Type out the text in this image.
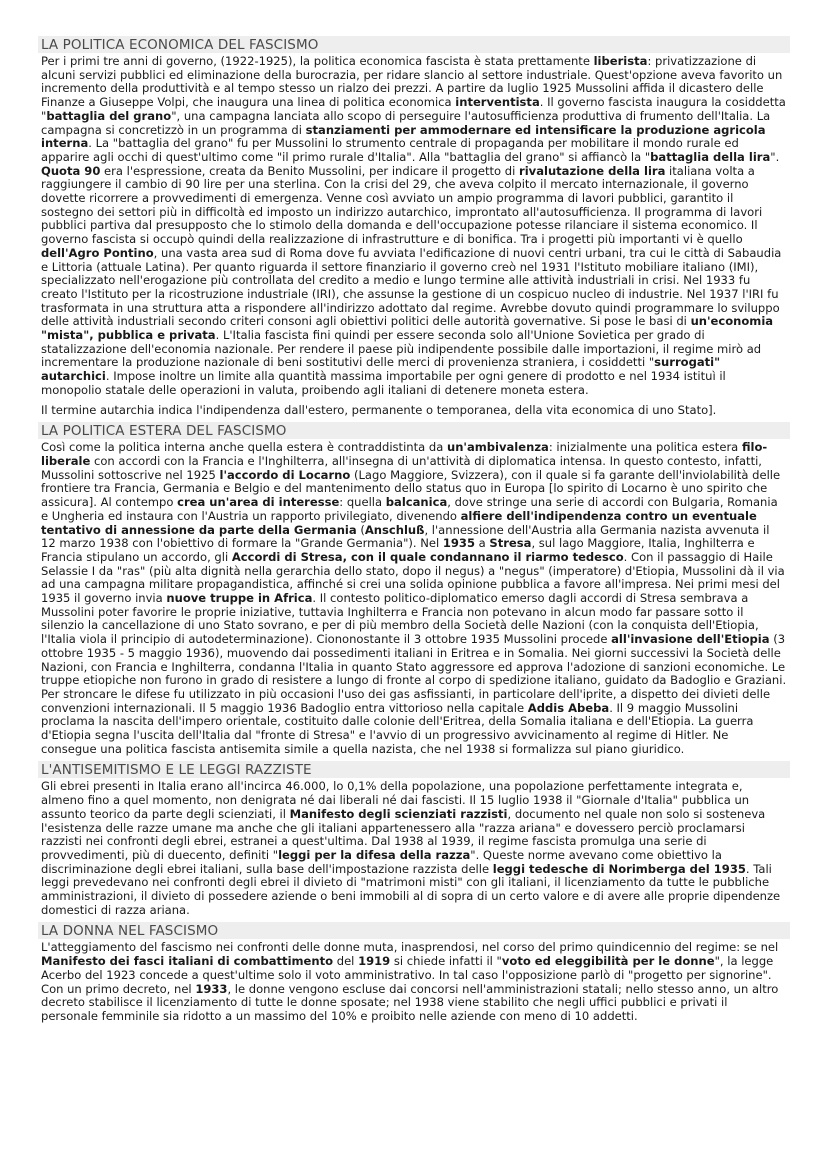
LA POLITICA ECONOMICA DEL FASCISMO

Per i primi tre anni di governo, (1922-1925), la politica economica fascista è stata prettamente liberista: privatizzazione di alcuni servizi pubblici ed eliminazione della burocrazia, per ridare slancio al settore industriale. Quest'opzione aveva favorito un incremento della produttività e al tempo stesso un rialzo dei prezzi. A partire da luglio 1925 Mussolini affida il dicastero delle Finanze a Giuseppe Volpi, che inaugura una linea di politica economica interventista. Il governo fascista inaugura la cosiddetta "battaglia del grano", una campagna lanciata allo scopo di perseguire l'autosufficienza produttiva di frumento dell'Italia. La campagna si concretizzò in un programma di stanziamenti per ammodernare ed intensificare la produzione agricola interna. La "battaglia del grano" fu per Mussolini lo strumento centrale di propaganda per mobilitare il mondo rurale ed apparire agli occhi di quest'ultimo come "il primo rurale d'Italia". Alla "battaglia del grano" si affiancò la "battaglia della lira". Quota 90 era l'espressione, creata da Benito Mussolini, per indicare il progetto di rivalutazione della lira italiana volta a raggiungere il cambio di 90 lire per una sterlina. Con la crisi del 29, che aveva colpito il mercato internazionale, il governo dovette ricorrere a provvedimenti di emergenza. Venne così avviato un ampio programma di lavori pubblici, garantito il sostegno dei settori più in difficoltà ed imposto un indirizzo autarchico, improntato all'autosufficienza. Il programma di lavori pubblici partiva dal presupposto che lo stimolo della domanda e dell'occupazione potesse rilanciare il sistema economico. Il governo fascista si occupò quindi della realizzazione di infrastrutture e di bonifica. Tra i progetti più importanti vi è quello dell'Agro Pontino, una vasta area sud di Roma dove fu avviata l'edificazione di nuovi centri urbani, tra cui le città di Sabaudia e Littoria (attuale Latina). Per quanto riguarda il settore finanziario il governo creò nel 1931 l'Istituto mobiliare italiano (IMI), specializzato nell'erogazione più controllata del credito a medio e lungo termine alle attività industriali in crisi. Nel 1933 fu creato l'Istituto per la ricostruzione industriale (IRI), che assunse la gestione di un cospicuo nucleo di industrie. Nel 1937 l'IRI fu trasformata in una struttura atta a rispondere all'indirizzo adottato dal regime. Avrebbe dovuto quindi programmare lo sviluppo delle attività industriali secondo criteri consoni agli obiettivi politici delle autorità governative. Si pose le basi di un'economia "mista", pubblica e privata. L'Italia fascista fini quindi per essere seconda solo all'Unione Sovietica per grado di statalizzazione dell'economia nazionale. Per rendere il paese più indipendente possibile dalle importazioni, il regime mirò ad incrementare la produzione nazionale di beni sostitutivi delle merci di provenienza straniera, i cosiddetti "surrogati" autarchici. Impose inoltre un limite alla quantità massima importabile per ogni genere di prodotto e nel 1934 istituì il monopolio statale delle operazioni in valuta, proibendo agli italiani di detenere moneta estera.

Il termine autarchia indica l'indipendenza dall'estero, permanente o temporanea, della vita economica di uno Stato].

LA POLITICA ESTERA DEL FASCISMO

Così come la politica interna anche quella estera è contraddistinta da un'ambivalenza: inizialmente una politica estera filo-liberale con accordi con la Francia e l'Inghilterra, all'insegna di un'attività di diplomatica intensa. In questo contesto, infatti, Mussolini sottoscrive nel 1925 l'accordo di Locarno (Lago Maggiore, Svizzera), con il quale si fa garante dell'inviolabilità delle frontiere tra Francia, Germania e Belgio e del mantenimento dello status quo in Europa [lo spirito di Locarno è uno spirito che assicura]. Al contempo crea un'area di interesse: quella balcanica, dove stringe una serie di accordi con Bulgaria, Romania e Ungheria ed instaura con l'Austria un rapporto privilegiato, divenendo alfiere dell'indipendenza contro un eventuale tentativo di annessione da parte della Germania (Anschluß, l'annessione dell'Austria alla Germania nazista avvenuta il 12 marzo 1938 con l'obiettivo di formare la "Grande Germania"). Nel 1935 a Stresa, sul lago Maggiore, Italia, Inghilterra e Francia stipulano un accordo, gli Accordi di Stresa, con il quale condannano il riarmo tedesco. Con il passaggio di Haile Selassie I da "ras" (più alta dignità nella gerarchia dello stato, dopo il negus) a "negus" (imperatore) d'Etiopia, Mussolini dà il via ad una campagna militare propagandistica, affinché si crei una solida opinione pubblica a favore all'impresa. Nei primi mesi del 1935 il governo invia nuove truppe in Africa. Il contesto politico-diplomatico emerso dagli accordi di Stresa sembrava a Mussolini poter favorire le proprie iniziative, tuttavia Inghilterra e Francia non potevano in alcun modo far passare sotto il silenzio la cancellazione di uno Stato sovrano, e per di più membro della Società delle Nazioni (con la conquista dell'Etiopia, l'Italia viola il principio di autodeterminazione). Ciononostante il 3 ottobre 1935 Mussolini procede all'invasione dell'Etiopia (3 ottobre 1935 - 5 maggio 1936), muovendo dai possedimenti italiani in Eritrea e in Somalia. Nei giorni successivi la Società delle Nazioni, con Francia e Inghilterra, condanna l'Italia in quanto Stato aggressore ed approva l'adozione di sanzioni economiche. Le truppe etiopiche non furono in grado di resistere a lungo di fronte al corpo di spedizione italiano, guidato da Badoglio e Graziani. Per stroncare le difese fu utilizzato in più occasioni l'uso dei gas asfissianti, in particolare dell'iprite, a dispetto dei divieti delle convenzioni internazionali. Il 5 maggio 1936 Badoglio entra vittorioso nella capitale Addis Abeba. Il 9 maggio Mussolini proclama la nascita dell'impero orientale, costituito dalle colonie dell'Eritrea, della Somalia italiana e dell'Etiopia. La guerra d'Etiopia segna l'uscita dell'Italia dal "fronte di Stresa" e l'avvio di un progressivo avvicinamento al regime di Hitler. Ne consegue una politica fascista antisemita simile a quella nazista, che nel 1938 si formalizza sul piano giuridico.

L'ANTISEMITISMO E LE LEGGI RAZZISTE

Gli ebrei presenti in Italia erano all'incirca 46.000, lo 0,1% della popolazione, una popolazione perfettamente integrata e, almeno fino a quel momento, non denigrata né dai liberali né dai fascisti. Il 15 luglio 1938 il "Giornale d'Italia" pubblica un assunto teorico da parte degli scienziati, il Manifesto degli scienziati razzisti, documento nel quale non solo si sosteneva l'esistenza delle razze umane ma anche che gli italiani appartenessero alla "razza ariana" e dovessero perciò proclamarsi razzisti nei confronti degli ebrei, estranei a quest'ultima. Dal 1938 al 1939, il regime fascista promulga una serie di provvedimenti, più di duecento, definiti "leggi per la difesa della razza". Queste norme avevano come obiettivo la discriminazione degli ebrei italiani, sulla base dell'impostazione razzista delle leggi tedesche di Norimberga del 1935. Tali leggi prevedevano nei confronti degli ebrei il divieto di "matrimoni misti" con gli italiani, il licenziamento da tutte le pubbliche amministrazioni, il divieto di possedere aziende o beni immobili al di sopra di un certo valore e di avere alle proprie dipendenze domestici di razza ariana.

LA DONNA NEL FASCISMO

L'atteggiamento del fascismo nei confronti delle donne muta, inasprendosi, nel corso del primo quindicennio del regime: se nel Manifesto dei fasci italiani di combattimento del 1919 si chiede infatti il "voto ed eleggibilità per le donne", la legge Acerbo del 1923 concede a quest'ultime solo il voto amministrativo. In tal caso l'opposizione parlò di "progetto per signorine". Con un primo decreto, nel 1933, le donne vengono escluse dai concorsi nell'amministrazioni statali; nello stesso anno, un altro decreto stabilisce il licenziamento di tutte le donne sposate; nel 1938 viene stabilito che negli uffici pubblici e privati il personale femminile sia ridotto a un massimo del 10% e proibito nelle aziende con meno di 10 addetti.
